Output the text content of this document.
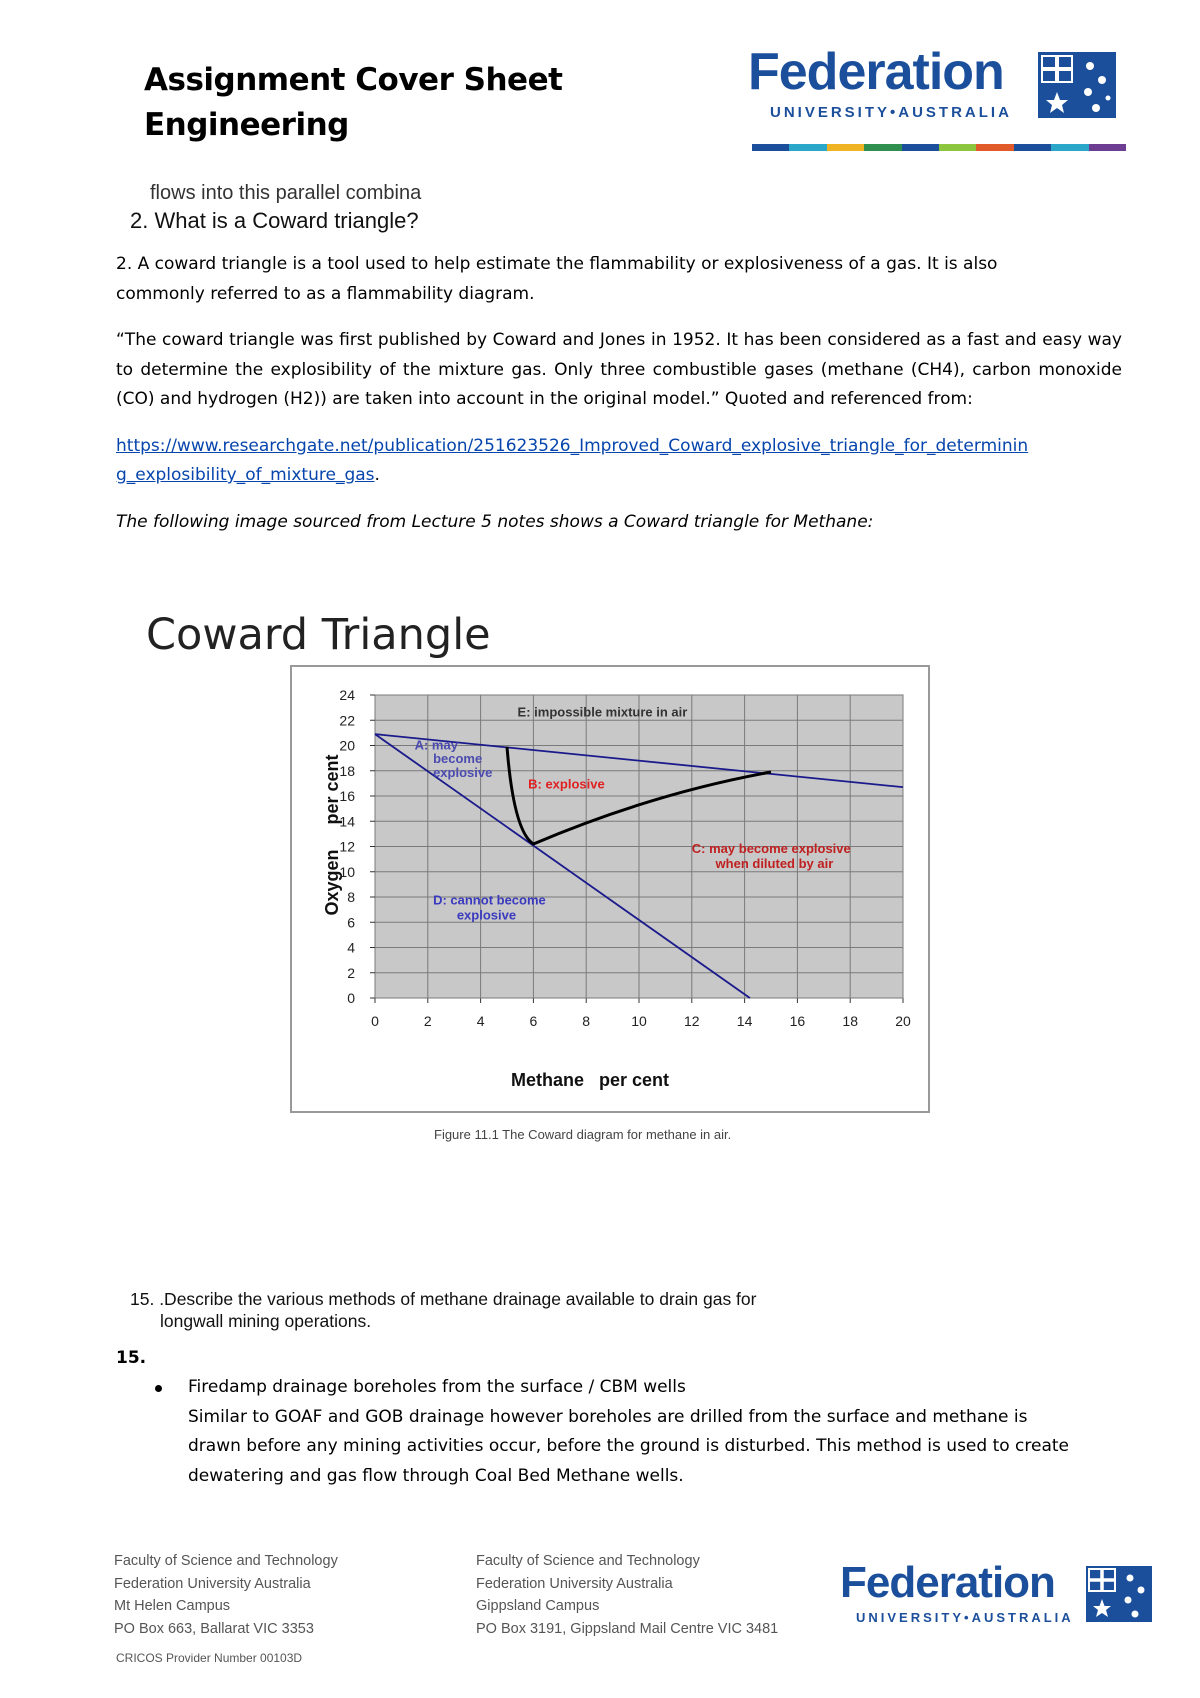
Assignment Cover Sheet
Engineering
Federation
UNIVERSITY•AUSTRALIA
flows into this parallel combina
2. What is a Coward triangle?
2. A coward triangle is a tool used to help estimate the flammability or explosiveness of a gas. It is also commonly referred to as a flammability diagram.
“The coward triangle was first published by Coward and Jones in 1952. It has been considered as a fast and easy way to determine the explosibility of the mixture gas. Only three combustible gases (methane (CH4), carbon monoxide (CO) and hydrogen (H2)) are taken into account in the original model.” Quoted and referenced from:
https://www.researchgate.net/publication/251623526_Improved_Coward_explosive_triangle_for_determinin
g_explosibility_of_mixture_gas.
The following image sourced from Lecture 5 notes shows a Coward triangle for Methane:
Coward Triangle
0	2	4	6	8	10	12	14	16	18	20
0
2
4
6
8
10
12
14
16
18
20
22
24
E: impossible mixture in air
A: may
become
explosive
B: explosive
C: may become explosive
when diluted by air
D: cannot become
explosive
Oxygen     per cent
Methane   per cent
Figure 11.1 The Coward diagram for methane in air.
15. .Describe the various methods of methane drainage available to drain gas for
longwall mining operations.
15.
Firedamp drainage boreholes from the surface / CBM wells
Similar to GOAF and GOB drainage however boreholes are drilled from the surface and methane is
drawn before any mining activities occur, before the ground is disturbed. This method is used to create
dewatering and gas flow through Coal Bed Methane wells.
Faculty of Science and Technology
Federation University Australia
Mt Helen Campus
PO Box 663, Ballarat VIC 3353
Faculty of Science and Technology
Federation University Australia
Gippsland Campus
PO Box 3191, Gippsland Mail Centre VIC 3481
CRICOS Provider Number 00103D
Federation
UNIVERSITY•AUSTRALIA
